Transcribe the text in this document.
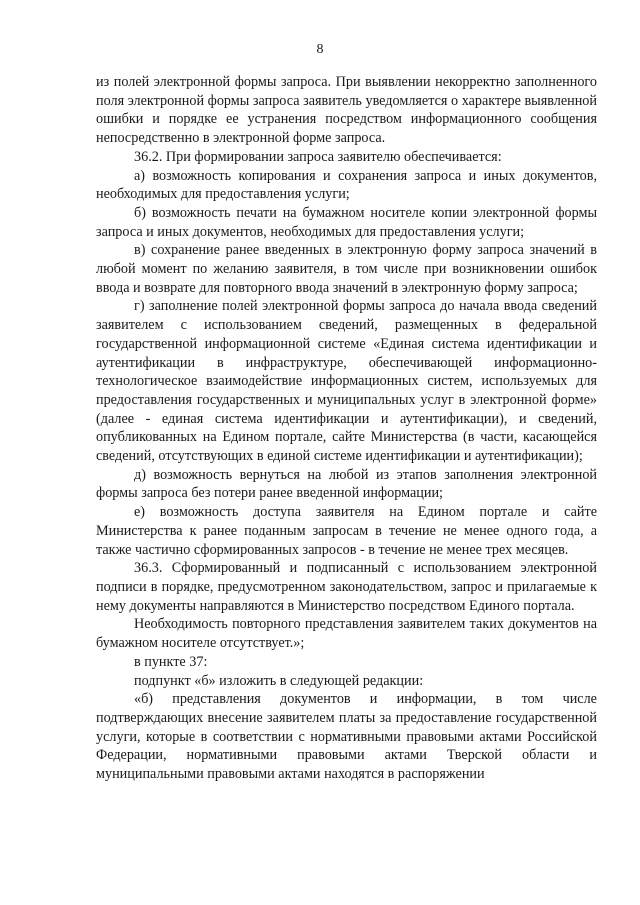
8

из полей электронной формы запроса. При выявлении некорректно заполненного поля электронной формы запроса заявитель уведомляется о характере выявленной ошибки и порядке ее устранения посредством информационного сообщения непосредственно в электронной форме запроса.

36.2. При формировании запроса заявителю обеспечивается:

а) возможность копирования и сохранения запроса и иных документов, необходимых для предоставления услуги;

б) возможность печати на бумажном носителе копии электронной формы запроса и иных документов, необходимых для предоставления услуги;

в) сохранение ранее введенных в электронную форму запроса значений в любой момент по желанию заявителя, в том числе при возникновении ошибок ввода и возврате для повторного ввода значений в электронную форму запроса;

г) заполнение полей электронной формы запроса до начала ввода сведений заявителем с использованием сведений, размещенных в федеральной государственной информационной системе «Единая система идентификации и аутентификации в инфраструктуре, обеспечивающей информационно-технологическое взаимодействие информационных систем, используемых для предоставления государственных и муниципальных услуг в электронной форме» (далее - единая система идентификации и аутентификации), и сведений, опубликованных на Едином портале, сайте Министерства (в части, касающейся сведений, отсутствующих в единой системе идентификации и аутентификации);

д) возможность вернуться на любой из этапов заполнения электронной формы запроса без потери ранее введенной информации;

е) возможность доступа заявителя на Едином портале и сайте Министерства к ранее поданным запросам в течение не менее одного года, а также частично сформированных запросов - в течение не менее трех месяцев.

36.3. Сформированный и подписанный с использованием электронной подписи в порядке, предусмотренном законодательством, запрос и прилагаемые к нему документы направляются в Министерство посредством Единого портала.

Необходимость повторного представления заявителем таких документов на бумажном носителе отсутствует.»;

в пункте 37:

подпункт «б» изложить в следующей редакции:

«б) представления документов и информации, в том числе подтверждающих внесение заявителем платы за предоставление государственной услуги, которые в соответствии с нормативными правовыми актами Российской Федерации, нормативными правовыми актами Тверской области и муниципальными правовыми актами находятся в распоряжении
